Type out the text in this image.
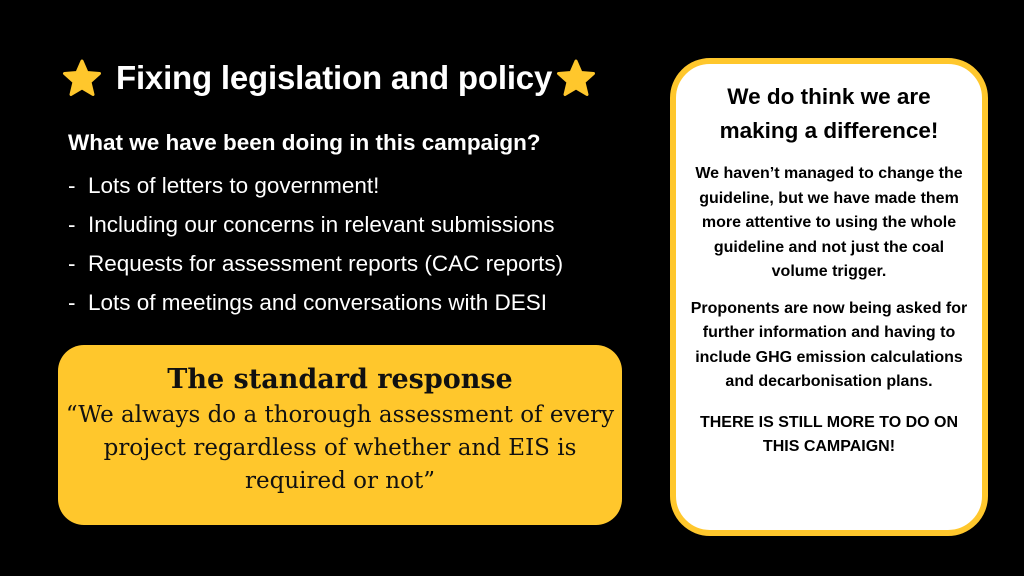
Fixing legislation and policy
What we have been doing in this campaign?
- Lots of letters to government!
- Including our concerns in relevant submissions
- Requests for assessment reports (CAC reports)
- Lots of meetings and conversations with DESI
The standard response
“We always do a thorough assessment of every project regardless of whether and EIS is required or not”
We do think we are making a difference!

We haven’t managed to change the guideline, but we have made them more attentive to using the whole guideline and not just the coal volume trigger.

Proponents are now being asked for further information and having to include GHG emission calculations and decarbonisation plans.

THERE IS STILL MORE TO DO ON THIS CAMPAIGN!
